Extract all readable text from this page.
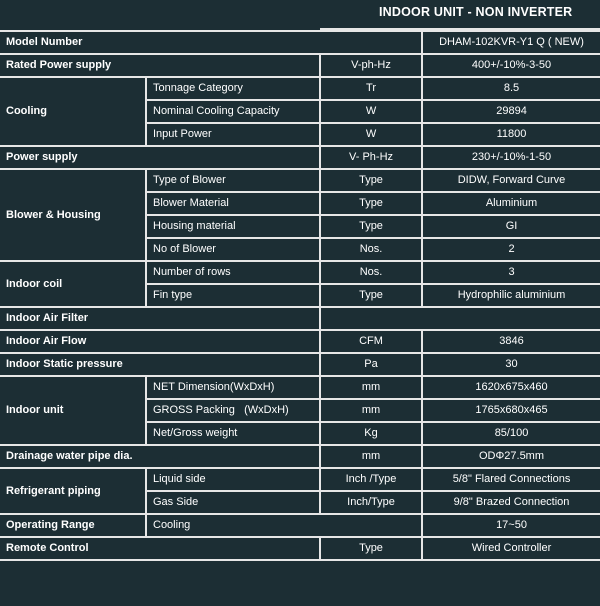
INDOOR UNIT - NON INVERTER
Model Number			DHAM-102KVR-Y1 Q ( NEW)
Rated Power supply		V-ph-Hz	400+/-10%-3-50
Cooling	Tonnage Category	Tr	8.5
	Nominal Cooling Capacity	W	29894
	Input Power	W	11800
Power supply		V- Ph-Hz	230+/-10%-1-50
Blower & Housing	Type of Blower	Type	DIDW, Forward Curve
	Blower Material	Type	Aluminium
	Housing material	Type	GI
	No of Blower	Nos.	2
Indoor coil	Number of rows	Nos.	3
	Fin type	Type	Hydrophilic aluminium
Indoor Air Filter			
Indoor Air Flow		CFM	3846
Indoor Static pressure		Pa	30
Indoor unit	NET Dimension(WxDxH)	mm	1620x675x460
	GROSS Packing   (WxDxH)	mm	1765x680x465
	Net/Gross weight	Kg	85/100
Drainage water pipe dia.		mm	ODΦ27.5mm
Refrigerant piping	Liquid side	Inch /Type	5/8" Flared Connections
	Gas Side	Inch/Type	9/8" Brazed Connection
Operating Range	Cooling		17~50
Remote Control		Type	Wired Controller
